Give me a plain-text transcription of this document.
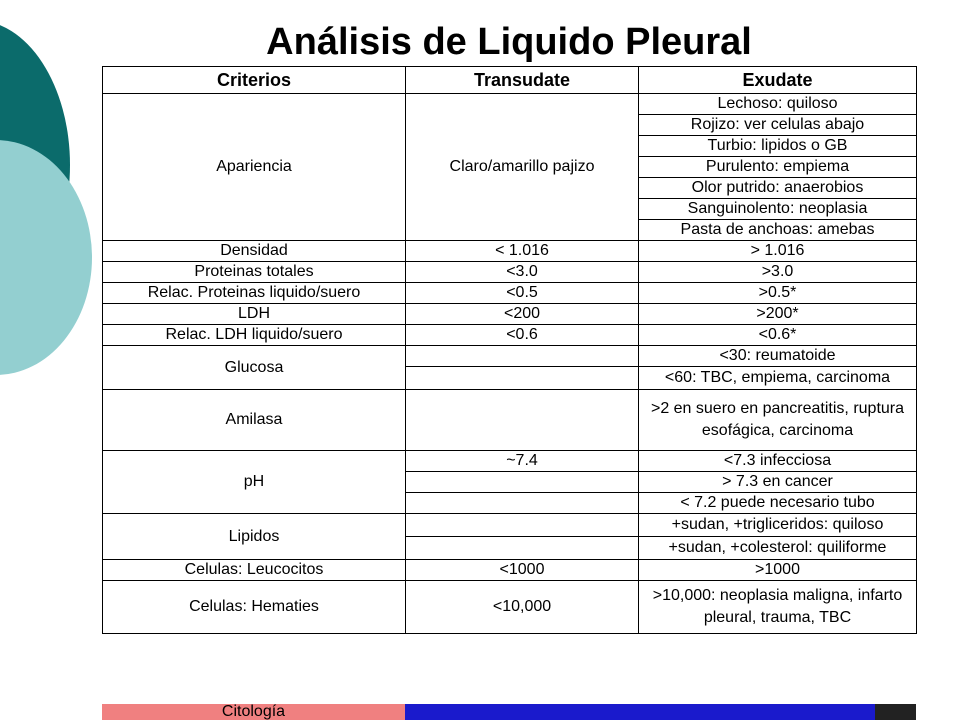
Análisis de Liquido Pleural
Criterios	Transudate	Exudate
Apariencia	Claro/amarillo pajizo	Lechoso: quiloso
		Rojizo: ver celulas abajo
		Turbio: lipidos o GB
		Purulento: empiema
		Olor putrido: anaerobios
		Sanguinolento: neoplasia
		Pasta de anchoas: amebas
Densidad	< 1.016	> 1.016
Proteinas totales	<3.0	>3.0
Relac. Proteinas liquido/suero	<0.5	>0.5*
LDH	<200	>200*
Relac. LDH liquido/suero	<0.6	<0.6*
Glucosa		<30: reumatoide
		<60: TBC, empiema, carcinoma
Amilasa		>2 en suero en pancreatitis, ruptura esofágica, carcinoma
pH	~7.4	<7.3 infecciosa
		> 7.3 en cancer
		< 7.2 puede necesario tubo
Lipidos		+sudan, +trigliceridos: quiloso
		+sudan, +colesterol: quiliforme
Celulas: Leucocitos	<1000	>1000
Celulas: Hematies	<10,000	>10,000: neoplasia maligna, infarto pleural, trauma, TBC
Citología
